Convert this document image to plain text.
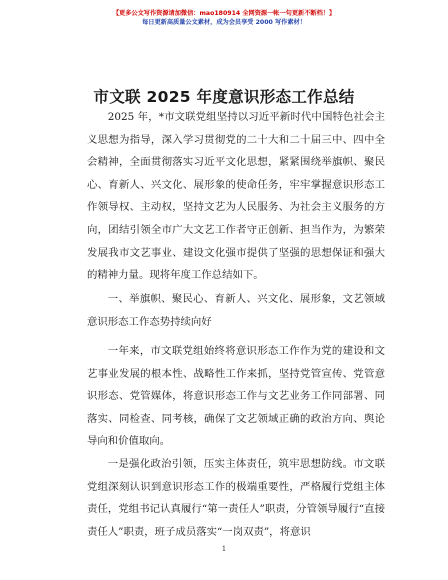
【更多公文写作资源请加微信：mao180914 全网资源一帐一句更新不断档！】
每日更新高质量公文素材，成为会员享受 2000 写作素材！
市文联 2025 年度意识形态工作总结

2025 年，*市文联党组坚持以习近平新时代中国特色社会主义思想为指导，深入学习贯彻党的二十大和二十届三中、四中全会精神，全面贯彻落实习近平文化思想，紧紧围绕举旗帜、聚民心、育新人、兴文化、展形象的使命任务，牢牢掌握意识形态工作领导权、主动权，坚持文艺为人民服务、为社会主义服务的方向，团结引领全市广大文艺工作者守正创新、担当作为，为繁荣发展我市文艺事业、建设文化强市提供了坚强的思想保证和强大的精神力量。现将年度工作总结如下。

一、举旗帜、聚民心、育新人、兴文化、展形象，文艺领域意识形态工作态势持续向好

一年来，市文联党组始终将意识形态工作作为党的建设和文艺事业发展的根本性、战略性工作来抓，坚持党管宣传、党管意识形态、党管媒体，将意识形态工作与文艺业务工作同部署、同落实、同检查、同考核，确保了文艺领域正确的政治方向、舆论导向和价值取向。

一是强化政治引领，压实主体责任，筑牢思想防线。市文联党组深刻认识到意识形态工作的极端重要性，严格履行党组主体责任，党组书记认真履行“第一责任人”职责，分管领导履行“直接责任人”职责，班子成员落实“一岗双责”，将意识

1
